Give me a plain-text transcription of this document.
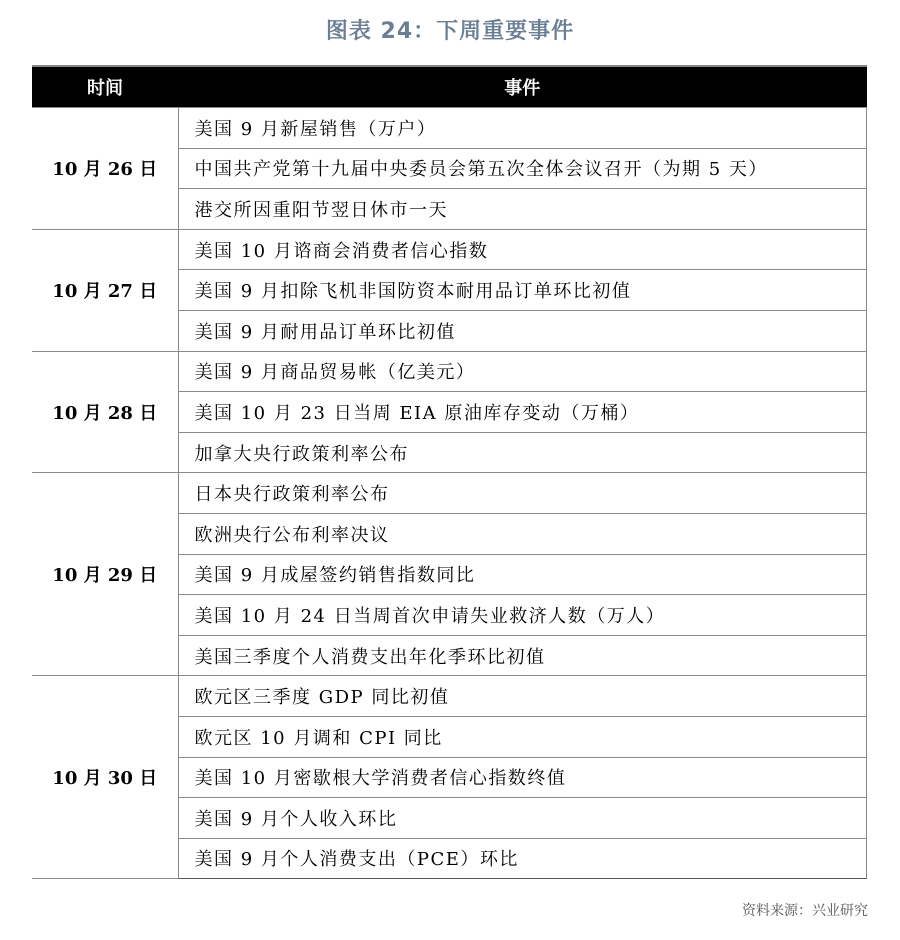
图表 24：下周重要事件
时间	事件
10 月 26 日	美国 9 月新屋销售（万户）
	中国共产党第十九届中央委员会第五次全体会议召开（为期 5 天）
	港交所因重阳节翌日休市一天
10 月 27 日	美国 10 月谘商会消费者信心指数
	美国 9 月扣除飞机非国防资本耐用品订单环比初值
	美国 9 月耐用品订单环比初值
10 月 28 日	美国 9 月商品贸易帐（亿美元）
	美国 10 月 23 日当周 EIA 原油库存变动（万桶）
	加拿大央行政策利率公布
10 月 29 日	日本央行政策利率公布
	欧洲央行公布利率决议
	美国 9 月成屋签约销售指数同比
	美国 10 月 24 日当周首次申请失业救济人数（万人）
	美国三季度个人消费支出年化季环比初值
10 月 30 日	欧元区三季度 GDP 同比初值
	欧元区 10 月调和 CPI 同比
	美国 10 月密歇根大学消费者信心指数终值
	美国 9 月个人收入环比
	美国 9 月个人消费支出（PCE）环比
资料来源：兴业研究
